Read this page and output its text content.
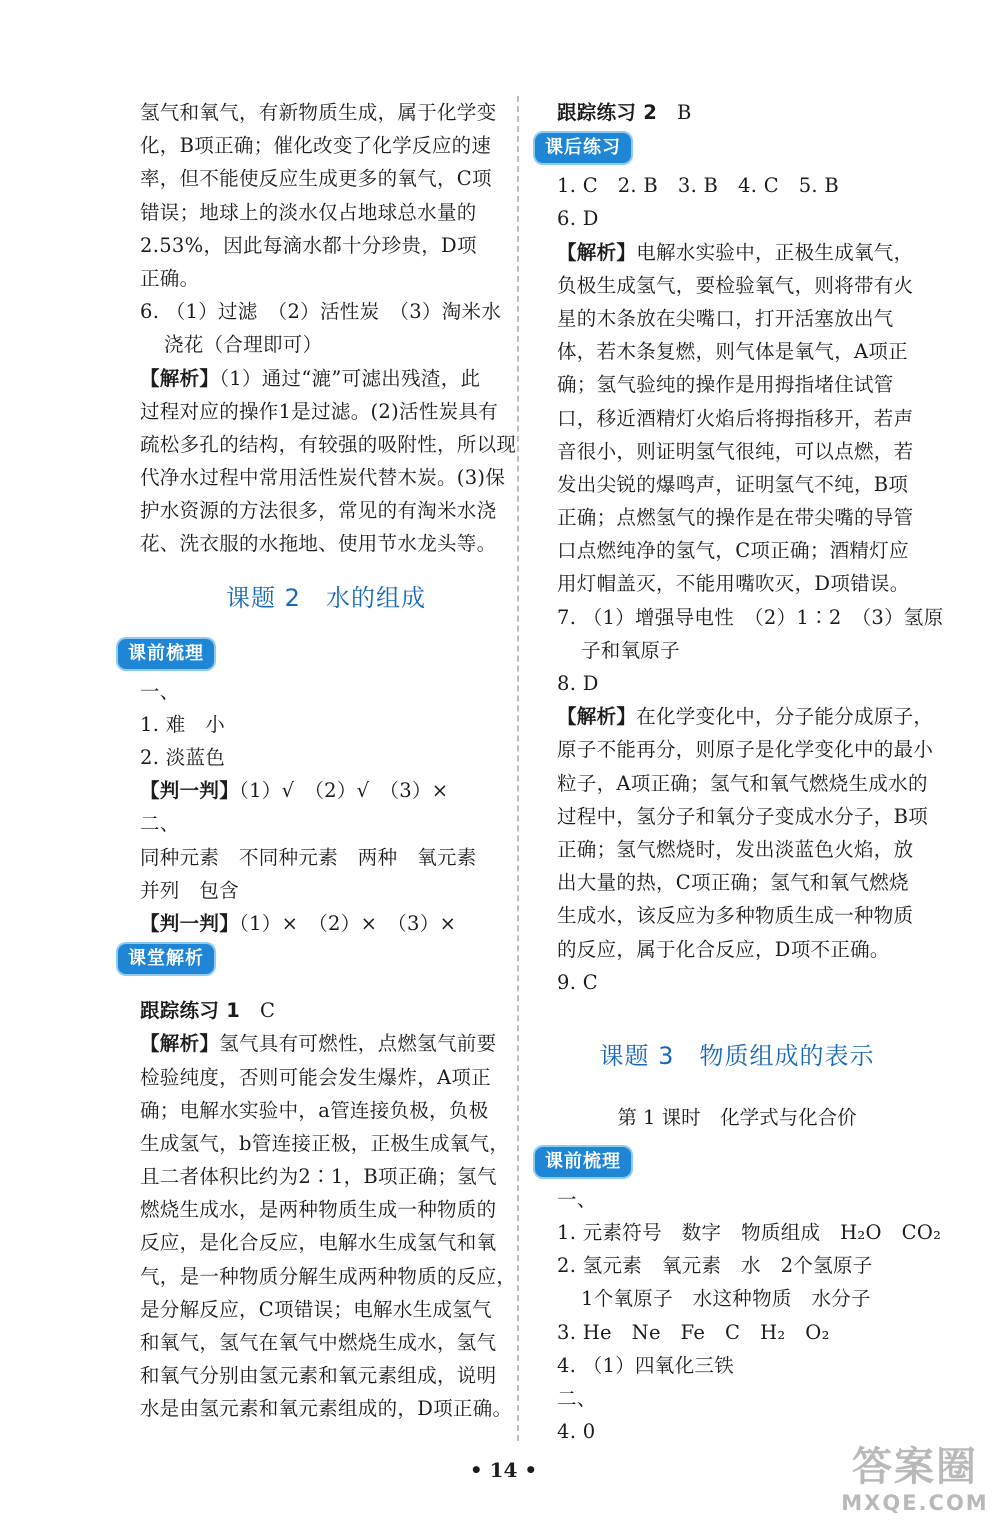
氢气和氧气，有新物质生成，属于化学变
化，B项正确；催化改变了化学反应的速
率，但不能使反应生成更多的氧气，C项
错误；地球上的淡水仅占地球总水量的
2.53%，因此每滴水都十分珍贵，D项
正确。
6. （1）过滤　（2）活性炭　（3）淘米水
浇花（合理即可）
【解析】（1）通过“漉”可滤出残渣，此
过程对应的操作1是过滤。(2)活性炭具有
疏松多孔的结构，有较强的吸附性，所以现
代净水过程中常用活性炭代替木炭。(3)保
护水资源的方法很多，常见的有淘米水浇
花、洗衣服的水拖地、使用节水龙头等。
课题 2　水的组成
课前梳理
一、
1. 难　小
2. 淡蓝色
【判一判】（1）√　（2）√　（3）×
二、
同种元素　不同种元素　两种　氧元素
并列　包含
【判一判】（1）×　（2）×　（3）×
课堂解析
跟踪练习 1　C
【解析】氢气具有可燃性，点燃氢气前要
检验纯度，否则可能会发生爆炸，A项正
确；电解水实验中，a管连接负极，负极
生成氢气，b管连接正极，正极生成氧气，
且二者体积比约为2∶1，B项正确；氢气
燃烧生成水，是两种物质生成一种物质的
反应，是化合反应，电解水生成氢气和氧
气，是一种物质分解生成两种物质的反应，
是分解反应，C项错误；电解水生成氢气
和氧气，氢气在氧气中燃烧生成水，氢气
和氧气分别由氢元素和氧元素组成，说明
水是由氢元素和氧元素组成的，D项正确。
跟踪练习 2　B
课后练习
1. C　2. B　3. B　4. C　5. B
6. D
【解析】电解水实验中，正极生成氧气，
负极生成氢气，要检验氧气，则将带有火
星的木条放在尖嘴口，打开活塞放出气
体，若木条复燃，则气体是氧气，A项正
确；氢气验纯的操作是用拇指堵住试管
口，移近酒精灯火焰后将拇指移开，若声
音很小，则证明氢气很纯，可以点燃，若
发出尖锐的爆鸣声，证明氢气不纯，B项
正确；点燃氢气的操作是在带尖嘴的导管
口点燃纯净的氢气，C项正确；酒精灯应
用灯帽盖灭，不能用嘴吹灭，D项错误。
7. （1）增强导电性　（2）1∶2　（3）氢原
子和氧原子
8. D
【解析】在化学变化中，分子能分成原子，
原子不能再分，则原子是化学变化中的最小
粒子，A项正确；氢气和氧气燃烧生成水的
过程中，氢分子和氧分子变成水分子，B项
正确；氢气燃烧时，发出淡蓝色火焰，放
出大量的热，C项正确；氢气和氧气燃烧
生成水，该反应为多种物质生成一种物质
的反应，属于化合反应，D项不正确。
9. C
课题 3　物质组成的表示
第 1 课时　化学式与化合价
课前梳理
一、
1. 元素符号　数字　物质组成　H₂O　CO₂
2. 氢元素　氧元素　水　2个氢原子
1个氧原子　水这种物质　水分子
3. He　Ne　Fe　C　H₂　O₂
4. （1）四氧化三铁
二、
4. 0
• 14 •	答案圈
MXQE.COM
